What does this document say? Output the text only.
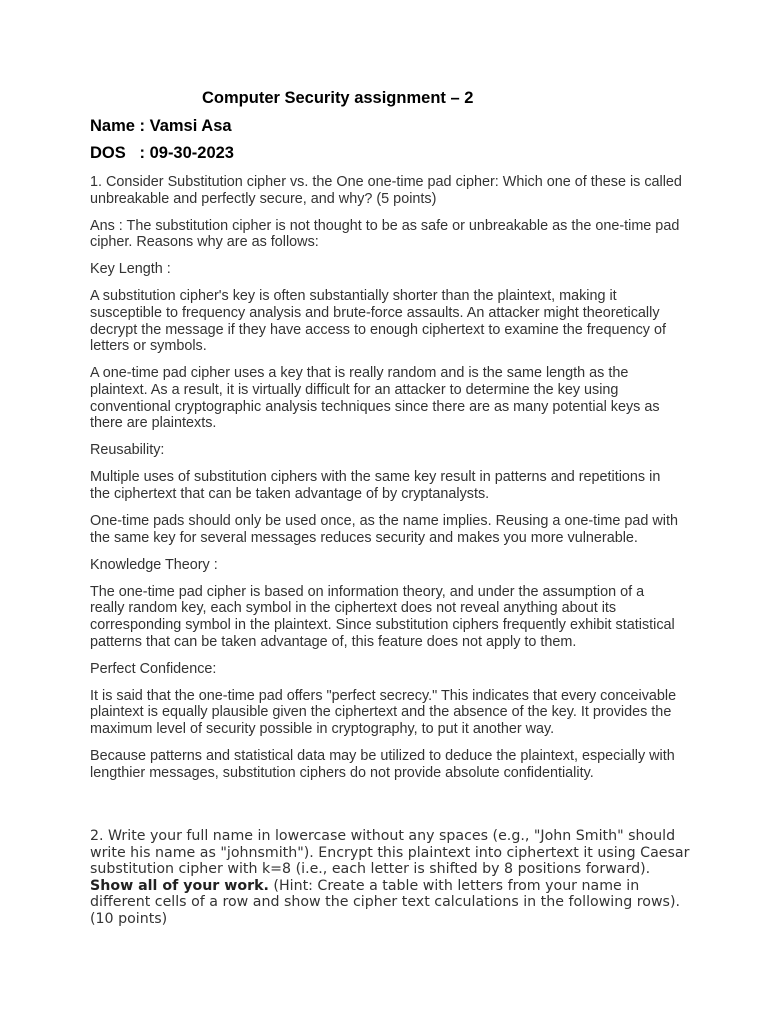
Computer Security assignment – 2
Name : Vamsi Asa
DOS   : 09-30-2023

1. Consider Substitution cipher vs. the One one-time pad cipher: Which one of these is called unbreakable and perfectly secure, and why? (5 points)

Ans : The substitution cipher is not thought to be as safe or unbreakable as the one-time pad cipher. Reasons why are as follows:

Key Length :

A substitution cipher's key is often substantially shorter than the plaintext, making it susceptible to frequency analysis and brute-force assaults. An attacker might theoretically decrypt the message if they have access to enough ciphertext to examine the frequency of letters or symbols.

A one-time pad cipher uses a key that is really random and is the same length as the plaintext. As a result, it is virtually difficult for an attacker to determine the key using conventional cryptographic analysis techniques since there are as many potential keys as there are plaintexts.

Reusability:

Multiple uses of substitution ciphers with the same key result in patterns and repetitions in the ciphertext that can be taken advantage of by cryptanalysts.

One-time pads should only be used once, as the name implies. Reusing a one-time pad with the same key for several messages reduces security and makes you more vulnerable.

Knowledge Theory :

The one-time pad cipher is based on information theory, and under the assumption of a really random key, each symbol in the ciphertext does not reveal anything about its corresponding symbol in the plaintext. Since substitution ciphers frequently exhibit statistical patterns that can be taken advantage of, this feature does not apply to them.

Perfect Confidence:

It is said that the one-time pad offers "perfect secrecy." This indicates that every conceivable plaintext is equally plausible given the ciphertext and the absence of the key. It provides the maximum level of security possible in cryptography, to put it another way.

Because patterns and statistical data may be utilized to deduce the plaintext, especially with lengthier messages, substitution ciphers do not provide absolute confidentiality.

2. Write your full name in lowercase without any spaces (e.g., "John Smith" should write his name as "johnsmith"). Encrypt this plaintext into ciphertext it using Caesar substitution cipher with k=8 (i.e., each letter is shifted by 8 positions forward). Show all of your work. (Hint: Create a table with letters from your name in different cells of a row and show the cipher text calculations in the following rows). (10 points)
